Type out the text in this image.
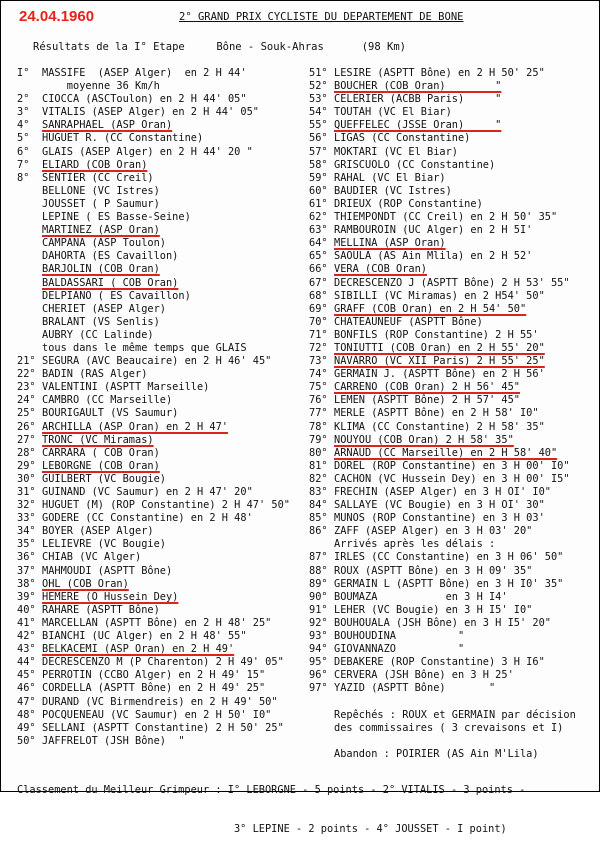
24.04.1960	2° GRAND PRIX CYCLISTE DU DEPARTEMENT DE BONE
Résultats de la I° Etape     Bône - Souk-Ahras      (98 Km)
I° MASSIFE  (ASEP Alger)  en 2 H 44'
moyenne 36 Km/h
2° CIOCCA (ASCToulon) en 2 H 44' 05"
3° VITALIS (ASEP Alger) en 2 H 44' 05"
4° SANRAPHAEL (ASP Oran)
5° HUGUET R. (CC Constantine)
6° GLAIS (ASEP Alger) en 2 H 44' 20 "
7° ELIARD (COB Oran)
8° SENTIER (CC Creil)
BELLONE (VC Istres)
JOUSSET ( P Saumur)
LEPINE ( ES Basse-Seine)
MARTINEZ (ASP Oran)
CAMPANA (ASP Toulon)
DAHORTA (ES Cavaillon)
BARJOLIN (COB Oran)
BALDASSARI ( COB Oran)
DELPIANO ( ES Cavaillon)
CHERIET (ASEP Alger)
BRALANT (VS Senlis)
AUBRY (CC Lalinde)
tous dans le même temps que GLAIS
21° SEGURA (AVC Beaucaire) en 2 H 46' 45"
22° BADIN (RAS Alger)
23° VALENTINI (ASPTT Marseille)
24° CAMBRO (CC Marseille)
25° BOURIGAULT (VS Saumur)
26° ARCHILLA (ASP Oran) en 2 H 47'
27° TRONC (VC Miramas)
28° CARRARA ( COB Oran)
29° LEBORGNE (COB Oran)
30° GUILBERT (VC Bougie)
31° GUINAND (VC Saumur) en 2 H 47' 20"
32° HUGUET (M) (ROP Constantine) 2 H 47' 50"
33° GODERE (CC Constantine) en 2 H 48'
34° BOYER (ASEP Alger)
35° LELIEVRE (VC Bougie)
36° CHIAB (VC Alger)
37° MAHMOUDI (ASPTT Bône)
38° OHL (COB Oran)
39° HEMERE (O Hussein Dey)
40° RAHARE (ASPTT Bône)
41° MARCELLAN (ASPTT Bône) en 2 H 48' 25"
42° BIANCHI (UC Alger) en 2 H 48' 55"
43° BELKACEMI (ASP Oran) en 2 H 49'
44° DECRESCENZO M (P Charenton) 2 H 49' 05"
45° PERROTIN (CCBO Alger) en 2 H 49' 15"
46° CORDELLA (ASPTT Bône) en 2 H 49' 25"
47° DURAND (VC Birmendreis) en 2 H 49' 50"
48° POCQUENEAU (VC Saumur) en 2 H 50' I0"
49° SELLANI (ASPTT Constantine) 2 H 50' 25"
50° JAFFRELOT (JSH Bône)  "
51° LESIRE (ASPTT Bône) en 2 H 50' 25"
52° BOUCHER (COB Oran)        "
53° CELERIER (ACBB Paris)     "
54° TOUTAH (VC El Biar)
55° QUEFFELEC (JSSE Oran)     "
56° LIGAS (CC Constantine)
57° MOKTARI (VC El Biar)
58° GRISCUOLO (CC Constantine)
59° RAHAL (VC El Biar)
60° BAUDIER (VC Istres)
61° DRIEUX (ROP Constantine)
62° THIEMPONDT (CC Creil) en 2 H 50' 35"
63° RAMBOUROIN (UC Alger) en 2 H 5I'
64° MELLINA (ASP Oran)
65° SAOULA (AS Ain Mlila) en 2 H 52'
66° VERA (COB Oran)
67° DECRESCENZO J (ASPTT Bône) 2 H 53' 55"
68° SIBILLI (VC Miramas) en 2 H54' 50"
69° GRAFF (COB Oran) en 2 H 54' 50"
70° CHATEAUNEUF (ASPTT Bône)
71° BONFILS (ROP Constantine) 2 H 55'
72° TONIUTTI (COB Oran) en 2 H 55' 20"
73° NAVARRO (VC XII Paris) 2 H 55' 25"
74° GERMAIN J. (ASPTT Bône) en 2 H 56'
75° CARRENO (COB Oran) 2 H 56' 45"
76° LEMEN (ASPTT Bône) 2 H 57' 45"
77° MERLE (ASPTT Bône) en 2 H 58' I0"
78° KLIMA (CC Constantine) 2 H 58' 35"
79° NOUYOU (COB Oran) 2 H 58' 35"
80° ARNAUD (CC Marseille) en 2 H 58' 40"
81° DOREL (ROP Constantine) en 3 H 00' I0"
82° CACHON (VC Hussein Dey) en 3 H 00' I5"
83° FRECHIN (ASEP Alger) en 3 H OI' I0"
84° SALLAYE (VC Bougie) en 3 H OI' 30"
85° MUNOS (ROP Constantine) en 3 H 03'
86° ZAFF (ASEP Alger) en 3 H 03' 20"
Arrivés après les délais :
87° IRLES (CC Constantine) en 3 H 06' 50"
88° ROUX (ASPTT Bône) en 3 H 09' 35"
89° GERMAIN L (ASPTT Bône) en 3 H I0' 35"
90° BOUMAZA           en 3 H I4'
91° LEHER (VC Bougie) en 3 H I5' I0"
92° BOUHOUALA (JSH Bône) en 3 H I5' 20"
93° BOUHOUDINA          "
94° GIOVANNAZO          "
95° DEBAKERE (ROP Constantine) 3 H I6"
96° CERVERA (JSH Bône) en 3 H 25'
97° YAZID (ASPTT Bône)       "
Repêchés : ROUX et GERMAIN par décision
des commissaires ( 3 crevaisons et I)
Abandon : POIRIER (AS Ain M'Lila)

Classement du Meilleur Grimpeur : I° LEBORGNE - 5 points - 2° VITALIS - 3 points -

3° LEPINE - 2 points - 4° JOUSSET - I point)
